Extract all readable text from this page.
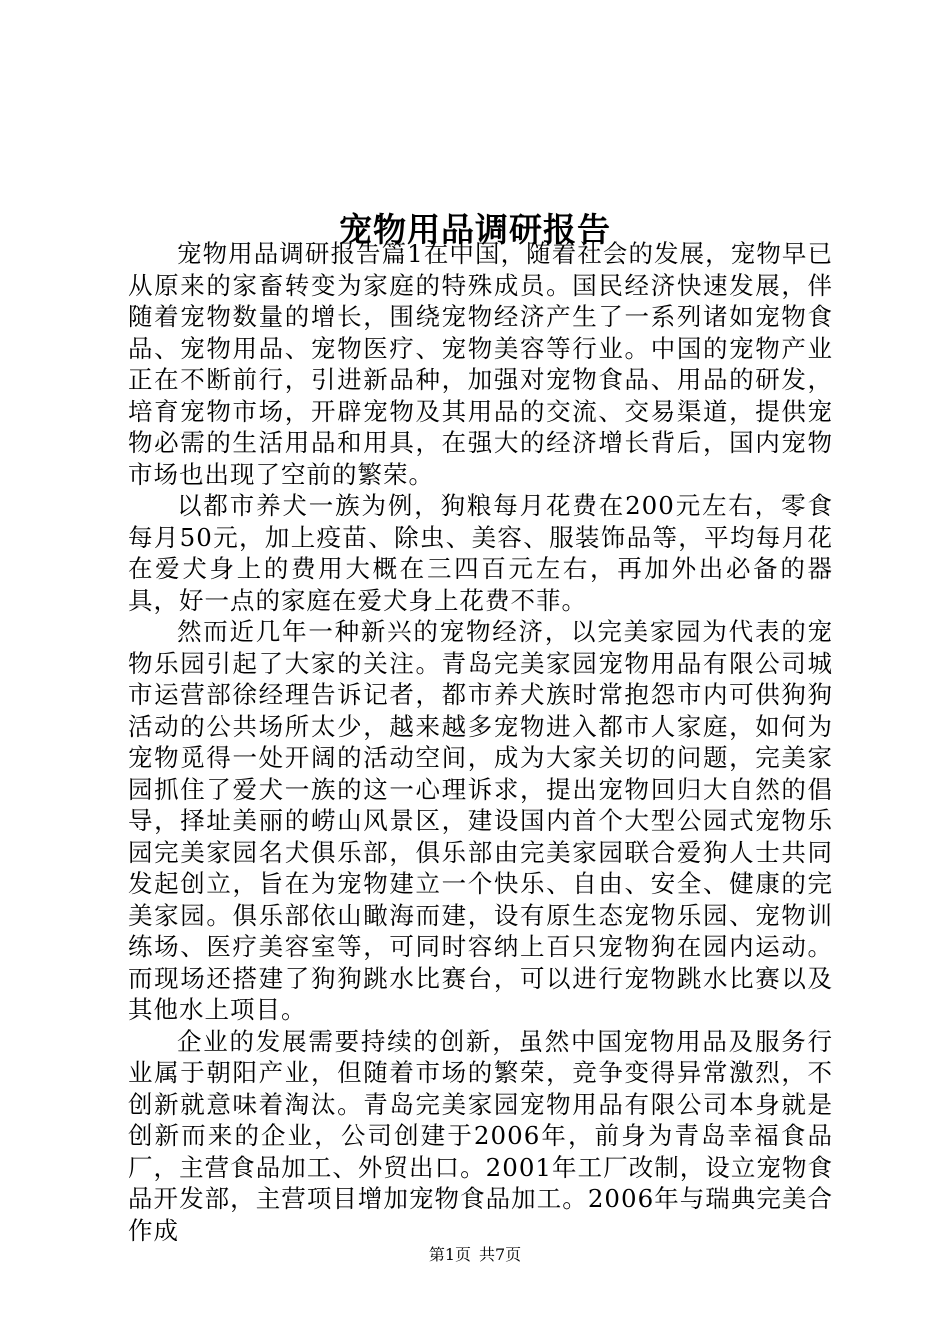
宠物用品调研报告

宠物用品调研报告篇1在中国，随着社会的发展，宠物早已从原来的家畜转变为家庭的特殊成员。国民经济快速发展，伴随着宠物数量的增长，围绕宠物经济产生了一系列诸如宠物食品、宠物用品、宠物医疗、宠物美容等行业。中国的宠物产业正在不断前行，引进新品种，加强对宠物食品、用品的研发，培育宠物市场，开辟宠物及其用品的交流、交易渠道，提供宠物必需的生活用品和用具，在强大的经济增长背后，国内宠物市场也出现了空前的繁荣。

以都市养犬一族为例，狗粮每月花费在200元左右，零食每月50元，加上疫苗、除虫、美容、服装饰品等，平均每月花在爱犬身上的费用大概在三四百元左右，再加外出必备的器具，好一点的家庭在爱犬身上花费不菲。

然而近几年一种新兴的宠物经济，以完美家园为代表的宠物乐园引起了大家的关注。青岛完美家园宠物用品有限公司城市运营部徐经理告诉记者，都市养犬族时常抱怨市内可供狗狗活动的公共场所太少，越来越多宠物进入都市人家庭，如何为宠物觅得一处开阔的活动空间，成为大家关切的问题，完美家园抓住了爱犬一族的这一心理诉求，提出宠物回归大自然的倡导，择址美丽的崂山风景区，建设国内首个大型公园式宠物乐园完美家园名犬俱乐部，俱乐部由完美家园联合爱狗人士共同发起创立，旨在为宠物建立一个快乐、自由、安全、健康的完美家园。俱乐部依山瞰海而建，设有原生态宠物乐园、宠物训练场、医疗美容室等，可同时容纳上百只宠物狗在园内运动。而现场还搭建了狗狗跳水比赛台，可以进行宠物跳水比赛以及其他水上项目。

企业的发展需要持续的创新，虽然中国宠物用品及服务行业属于朝阳产业，但随着市场的繁荣，竞争变得异常激烈，不创新就意味着淘汰。青岛完美家园宠物用品有限公司本身就是创新而来的企业，公司创建于2006年，前身为青岛幸福食品厂，主营食品加工、外贸出口。2001年工厂改制，设立宠物食品开发部，主营项目增加宠物食品加工。2006年与瑞典完美合作成

第1页 共7页
